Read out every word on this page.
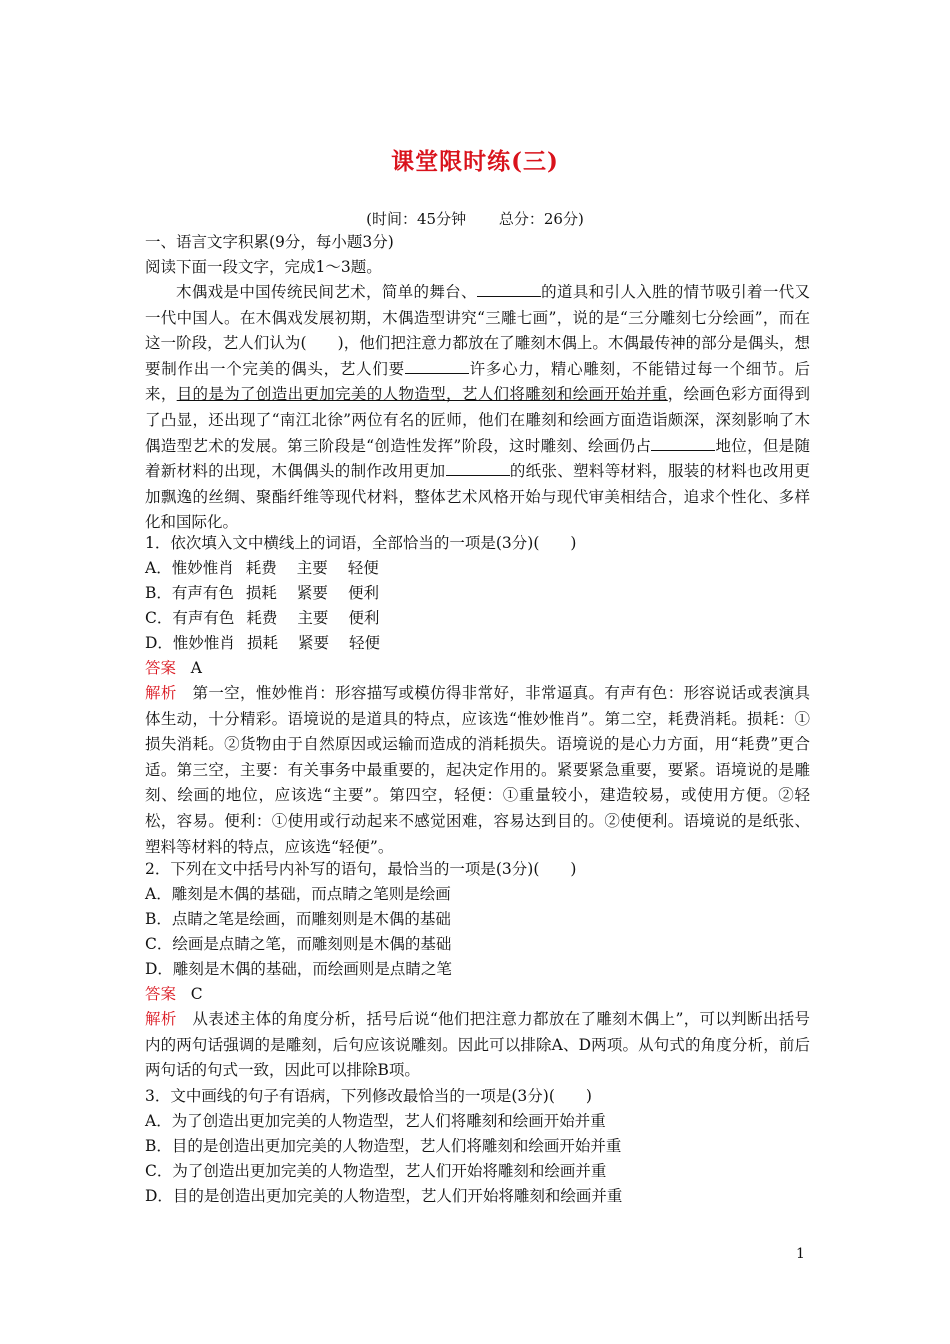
课堂限时练(三)
(时间：45分钟 总分：26分)
一、语言文字积累(9分，每小题3分)
阅读下面一段文字，完成1～3题。
木偶戏是中国传统民间艺术，简单的舞台、	的道具和引人入胜的情节吸引着一代又一代中国人。在木偶戏发展初期，木偶造型讲究“三雕七画”，说的是“三分雕刻七分绘画”，而在这一阶段，艺人们认为(　　)，他们把注意力都放在了雕刻木偶上。木偶最传神的部分是偶头，想要制作出一个完美的偶头，艺人们要	许多心力，精心雕刻，不能错过每一个细节。后来，目的是为了创造出更加完美的人物造型，艺人们将雕刻和绘画开始并重，绘画色彩方面得到了凸显，还出现了“南江北徐”两位有名的匠师，他们在雕刻和绘画方面造诣颇深，深刻影响了木偶造型艺术的发展。第三阶段是“创造性发挥”阶段，这时雕刻、绘画仍占	地位，但是随着新材料的出现，木偶偶头的制作改用更加	的纸张、塑料等材料，服装的材料也改用更加飘逸的丝绸、聚酯纤维等现代材料，整体艺术风格开始与现代审美相结合，追求个性化、多样化和国际化。
1．依次填入文中横线上的词语，全部恰当的一项是(3分)(　　)
A．惟妙惟肖 耗费 主要 轻便
B．有声有色 损耗 紧要 便利
C．有声有色 耗费 主要 便利
D．惟妙惟肖 损耗 紧要 轻便
答案 A
解析 第一空，惟妙惟肖：形容描写或模仿得非常好，非常逼真。有声有色：形容说话或表演具体生动，十分精彩。语境说的是道具的特点，应该选“惟妙惟肖”。第二空，耗费消耗。损耗：①损失消耗。②货物由于自然原因或运输而造成的消耗损失。语境说的是心力方面，用“耗费”更合适。第三空，主要：有关事务中最重要的，起决定作用的。紧要紧急重要，要紧。语境说的是雕刻、绘画的地位，应该选“主要”。第四空，轻便：①重量较小，建造较易，或使用方便。②轻松，容易。便利：①使用或行动起来不感觉困难，容易达到目的。②使便利。语境说的是纸张、塑料等材料的特点，应该选“轻便”。
2．下列在文中括号内补写的语句，最恰当的一项是(3分)(　　)
A．雕刻是木偶的基础，而点睛之笔则是绘画
B．点睛之笔是绘画，而雕刻则是木偶的基础
C．绘画是点睛之笔，而雕刻则是木偶的基础
D．雕刻是木偶的基础，而绘画则是点睛之笔
答案 C
解析 从表述主体的角度分析，括号后说“他们把注意力都放在了雕刻木偶上”，可以判断出括号内的两句话强调的是雕刻，后句应该说雕刻。因此可以排除A、D两项。从句式的角度分析，前后两句话的句式一致，因此可以排除B项。
3．文中画线的句子有语病，下列修改最恰当的一项是(3分)(　　)
A．为了创造出更加完美的人物造型，艺人们将雕刻和绘画开始并重
B．目的是创造出更加完美的人物造型，艺人们将雕刻和绘画开始并重
C．为了创造出更加完美的人物造型，艺人们开始将雕刻和绘画并重
D．目的是创造出更加完美的人物造型，艺人们开始将雕刻和绘画并重
1
